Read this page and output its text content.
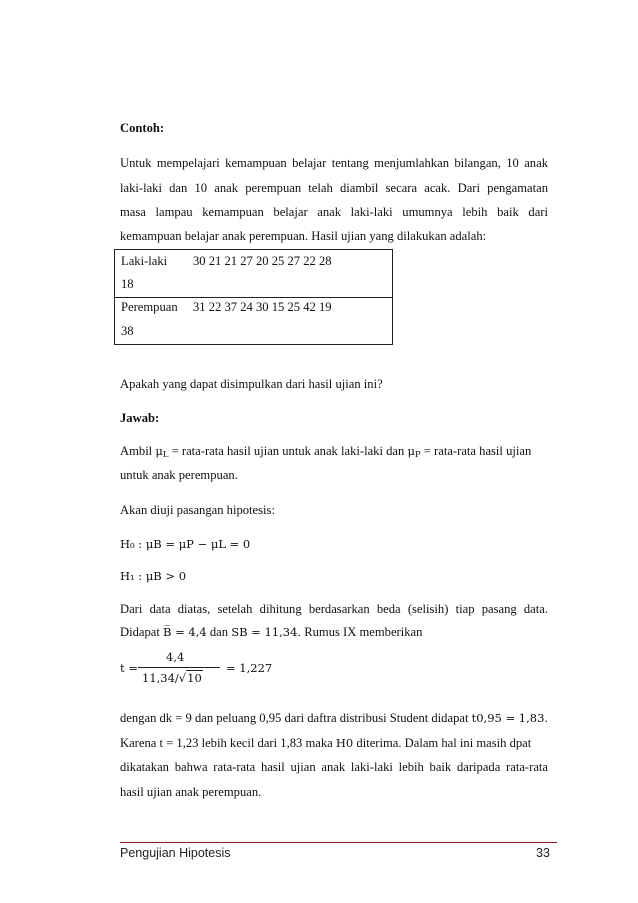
Contoh:
Untuk mempelajari kemampuan belajar tentang menjumlahkan bilangan, 10 anak
laki-laki dan 10 anak perempuan telah diambil secara acak. Dari pengamatan
masa lampau kemampuan belajar anak laki-laki umumnya lebih baik dari
kemampuan belajar anak perempuan. Hasil ujian yang dilakukan adalah:
Laki-laki 30 21 21 27 20 25 27 22 28
18
Perempuan 31 22 37 24 30 15 25 42 19
38
Apakah yang dapat disimpulkan dari hasil ujian ini?
Jawab:
Ambil $\mu_L$ = rata-rata hasil ujian untuk anak laki-laki dan $\mu_P$ = rata-rata hasil ujian
untuk anak perempuan.
Akan diuji pasangan hipotesis:
H₀ : μB = μP − μL = 0
H₁ : μB > 0
Dari data diatas, setelah dihitung berdasarkan beda (selisih) tiap pasang data.
Didapat B̅ = 4,4 dan SB = 11,34. Rumus IX memberikan
t =
4,4
11,34/√10
= 1,227
dengan dk = 9 dan peluang 0,95 dari daftra distribusi Student didapat t0,95 = 1,83.
Karena t = 1,23 lebih kecil dari 1,83 maka H0 diterima. Dalam hal ini masih dpat
dikatakan bahwa rata-rata hasil ujian anak laki-laki lebih baik daripada rata-rata
hasil ujian anak perempuan.
Pengujian Hipotesis	33
